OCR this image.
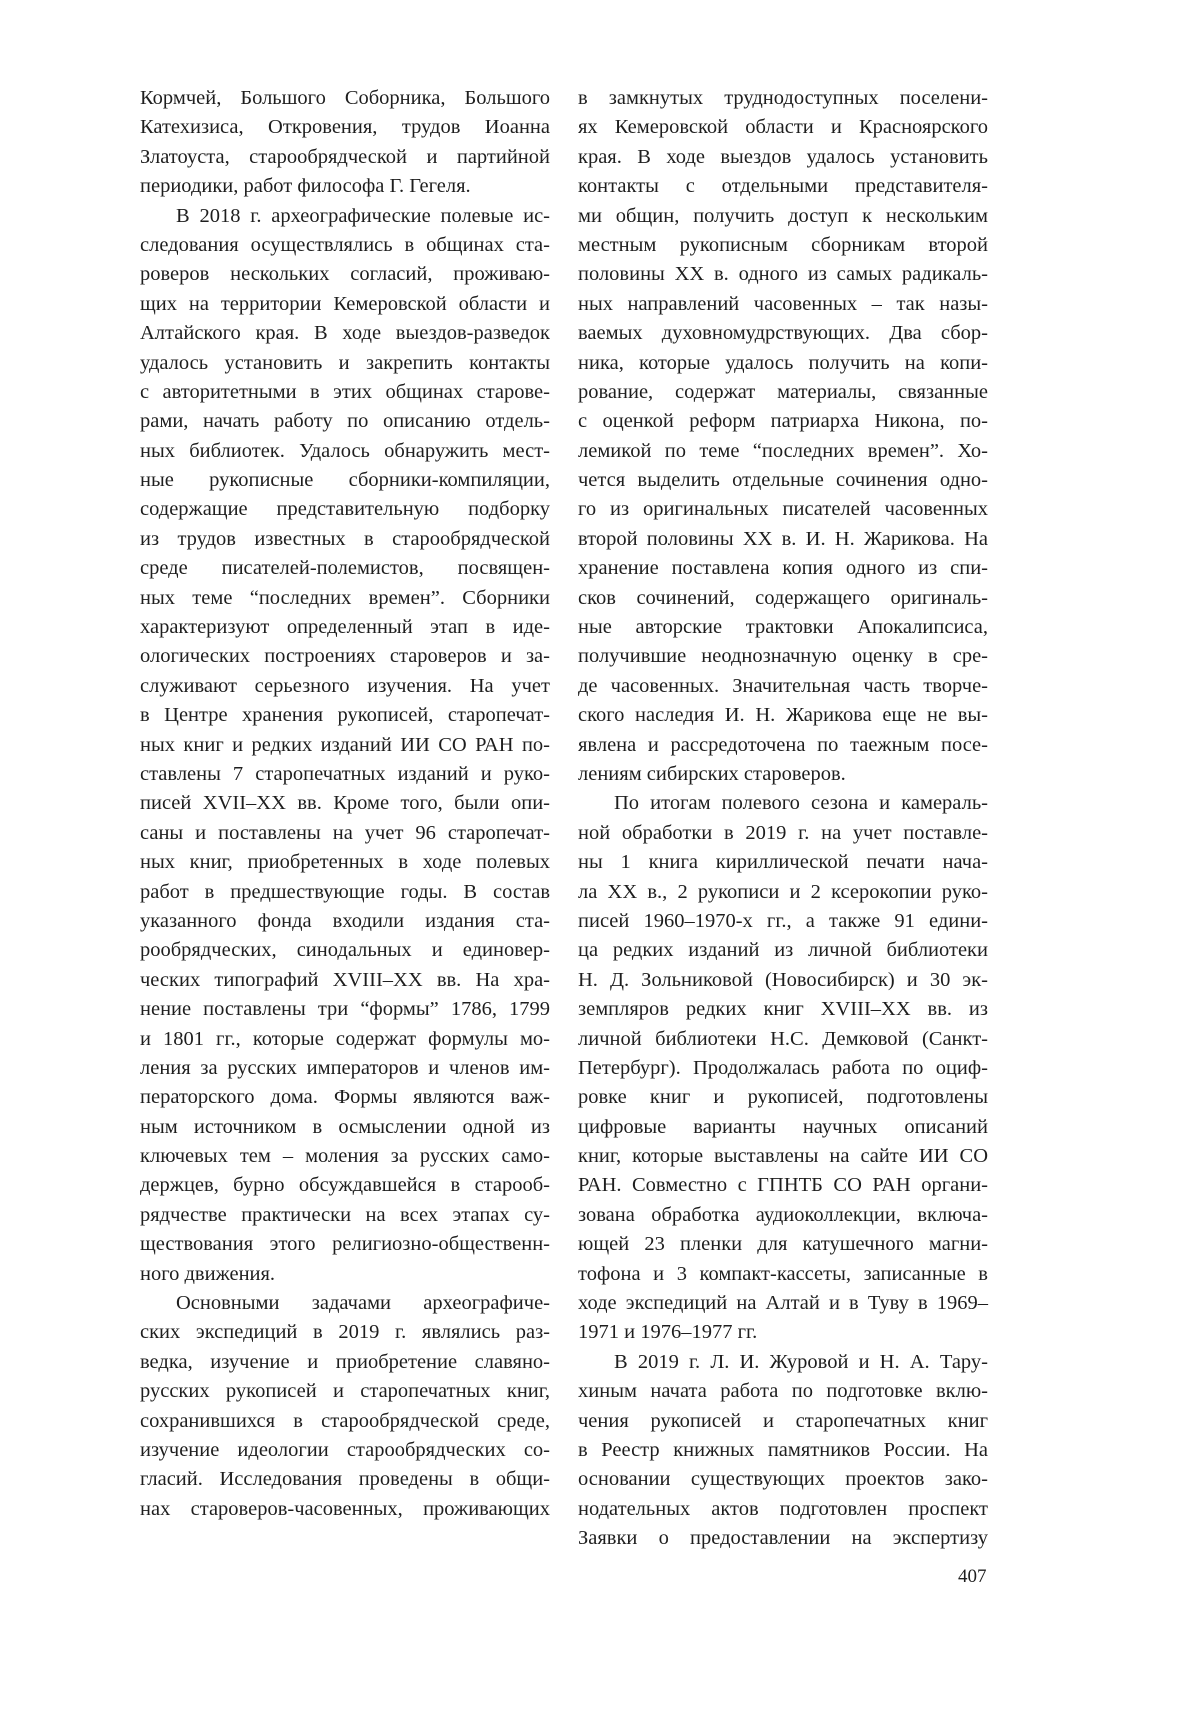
Кормчей, Большого Соборника, Большого
Катехизиса, Откровения, трудов Иоанна
Златоуста, старообрядческой и партийной
периодики, работ философа Г. Гегеля.
В 2018 г. археографические полевые ис-
следования осуществлялись в общинах ста-
роверов нескольких согласий, проживаю-
щих на территории Кемеровской области и
Алтайского края. В ходе выездов-разведок
удалось установить и закрепить контакты
с авторитетными в этих общинах старове-
рами, начать работу по описанию отдель-
ных библиотек. Удалось обнаружить мест-
ные рукописные сборники-компиляции,
содержащие представительную подборку
из трудов известных в старообрядческой
среде писателей-полемистов, посвящен-
ных теме “последних времен”. Сборники
характеризуют определенный этап в иде-
ологических построениях староверов и за-
служивают серьезного изучения. На учет
в Центре хранения рукописей, старопечат-
ных книг и редких изданий ИИ СО РАН по-
ставлены 7 старопечатных изданий и руко-
писей XVII–XX вв. Кроме того, были опи-
саны и поставлены на учет 96 старопечат-
ных книг, приобретенных в ходе полевых
работ в предшествующие годы. В состав
указанного фонда входили издания ста-
рообрядческих, синодальных и единовер-
ческих типографий XVIII–XX вв. На хра-
нение поставлены три “формы” 1786, 1799
и 1801 гг., которые содержат формулы мо-
ления за русских императоров и членов им-
ператорского дома. Формы являются важ-
ным источником в осмыслении одной из
ключевых тем – моления за русских само-
держцев, бурно обсуждавшейся в старооб-
рядчестве практически на всех этапах су-
ществования этого религиозно-общественн-
ного движения.
Основными задачами археографиче-
ских экспедиций в 2019 г. являлись раз-
ведка, изучение и приобретение славяно-
русских рукописей и старопечатных книг,
сохранившихся в старообрядческой среде,
изучение идеологии старообрядческих со-
гласий. Исследования проведены в общи-
нах староверов-часовенных, проживающих
в замкнутых труднодоступных поселени-
ях Кемеровской области и Красноярского
края. В ходе выездов удалось установить
контакты с отдельными представителя-
ми общин, получить доступ к нескольким
местным рукописным сборникам второй
половины XX в. одного из самых радикаль-
ных направлений часовенных – так назы-
ваемых духовномудрствующих. Два сбор-
ника, которые удалось получить на копи-
рование, содержат материалы, связанные
с оценкой реформ патриарха Никона, по-
лемикой по теме “последних времен”. Хо-
чется выделить отдельные сочинения одно-
го из оригинальных писателей часовенных
второй половины XX в. И. Н. Жарикова. На
хранение поставлена копия одного из спи-
сков сочинений, содержащего оригиналь-
ные авторские трактовки Апокалипсиса,
получившие неоднозначную оценку в сре-
де часовенных. Значительная часть творче-
ского наследия И. Н. Жарикова еще не вы-
явлена и рассредоточена по таежным посе-
лениям сибирских староверов.
По итогам полевого сезона и камераль-
ной обработки в 2019 г. на учет поставле-
ны 1 книга кириллической печати нача-
ла XX в., 2 рукописи и 2 ксерокопии руко-
писей 1960–1970-х гг., а также 91 едини-
ца редких изданий из личной библиотеки
Н. Д. Зольниковой (Новосибирск) и 30 эк-
земпляров редких книг XVIII–XX вв. из
личной библиотеки Н.С. Демковой (Санкт-
Петербург). Продолжалась работа по оциф-
ровке книг и рукописей, подготовлены
цифровые варианты научных описаний
книг, которые выставлены на сайте ИИ СО
РАН. Совместно с ГПНТБ СО РАН органи-
зована обработка аудиоколлекции, включа-
ющей 23 пленки для катушечного магни-
тофона и 3 компакт-кассеты, записанные в
ходе экспедиций на Алтай и в Туву в 1969–
1971 и 1976–1977 гг.
В 2019 г. Л. И. Журовой и Н. А. Тару-
хиным начата работа по подготовке вклю-
чения рукописей и старопечатных книг
в Реестр книжных памятников России. На
основании существующих проектов зако-
нодательных актов подготовлен проспект
Заявки о предоставлении на экспертизу
407
